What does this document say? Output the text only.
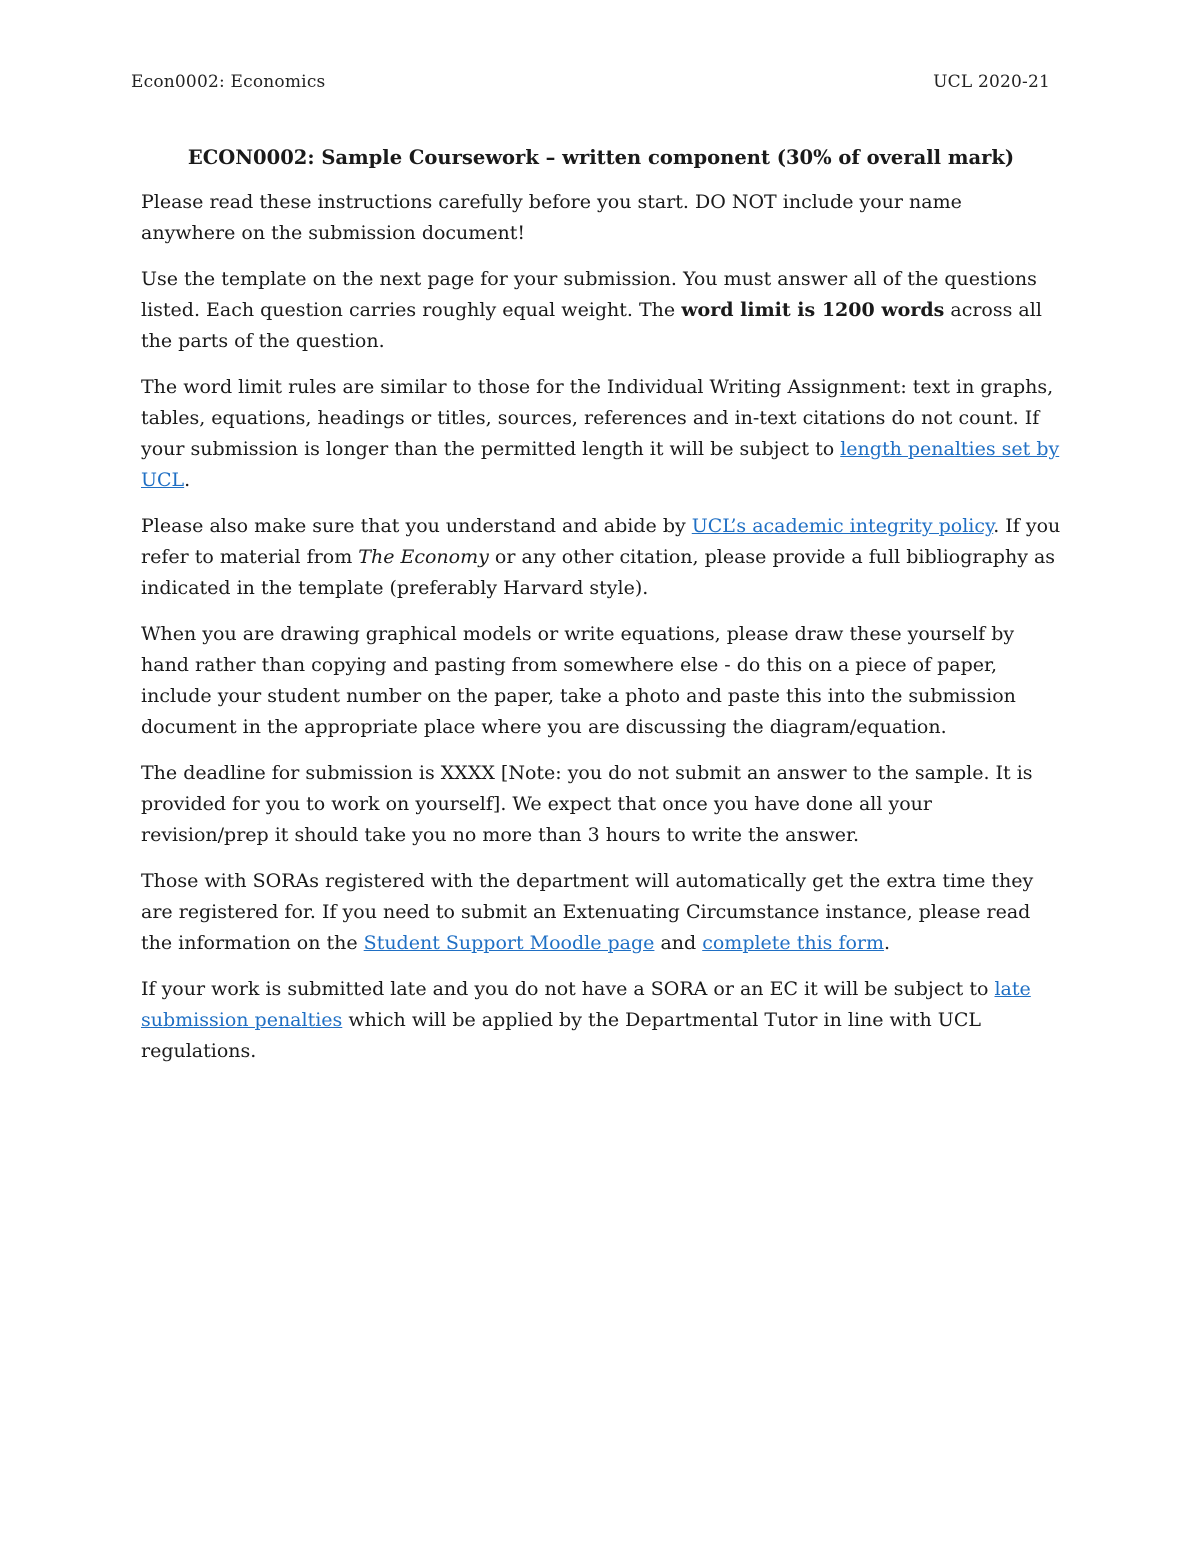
Econ0002: Economics	UCL 2020-21

ECON0002: Sample Coursework – written component (30% of overall mark)

Please read these instructions carefully before you start. DO NOT include your name anywhere on the submission document!

Use the template on the next page for your submission. You must answer all of the questions listed. Each question carries roughly equal weight. The word limit is 1200 words across all the parts of the question.

The word limit rules are similar to those for the Individual Writing Assignment: text in graphs, tables, equations, headings or titles, sources, references and in-text citations do not count. If your submission is longer than the permitted length it will be subject to length penalties set by UCL.

Please also make sure that you understand and abide by UCL’s academic integrity policy. If you refer to material from The Economy or any other citation, please provide a full bibliography as indicated in the template (preferably Harvard style).

When you are drawing graphical models or write equations, please draw these yourself by hand rather than copying and pasting from somewhere else - do this on a piece of paper, include your student number on the paper, take a photo and paste this into the submission document in the appropriate place where you are discussing the diagram/equation.

The deadline for submission is XXXX [Note: you do not submit an answer to the sample. It is provided for you to work on yourself]. We expect that once you have done all your revision/prep it should take you no more than 3 hours to write the answer.

Those with SORAs registered with the department will automatically get the extra time they are registered for. If you need to submit an Extenuating Circumstance instance, please read the information on the Student Support Moodle page and complete this form.

If your work is submitted late and you do not have a SORA or an EC it will be subject to late submission penalties which will be applied by the Departmental Tutor in line with UCL regulations.
